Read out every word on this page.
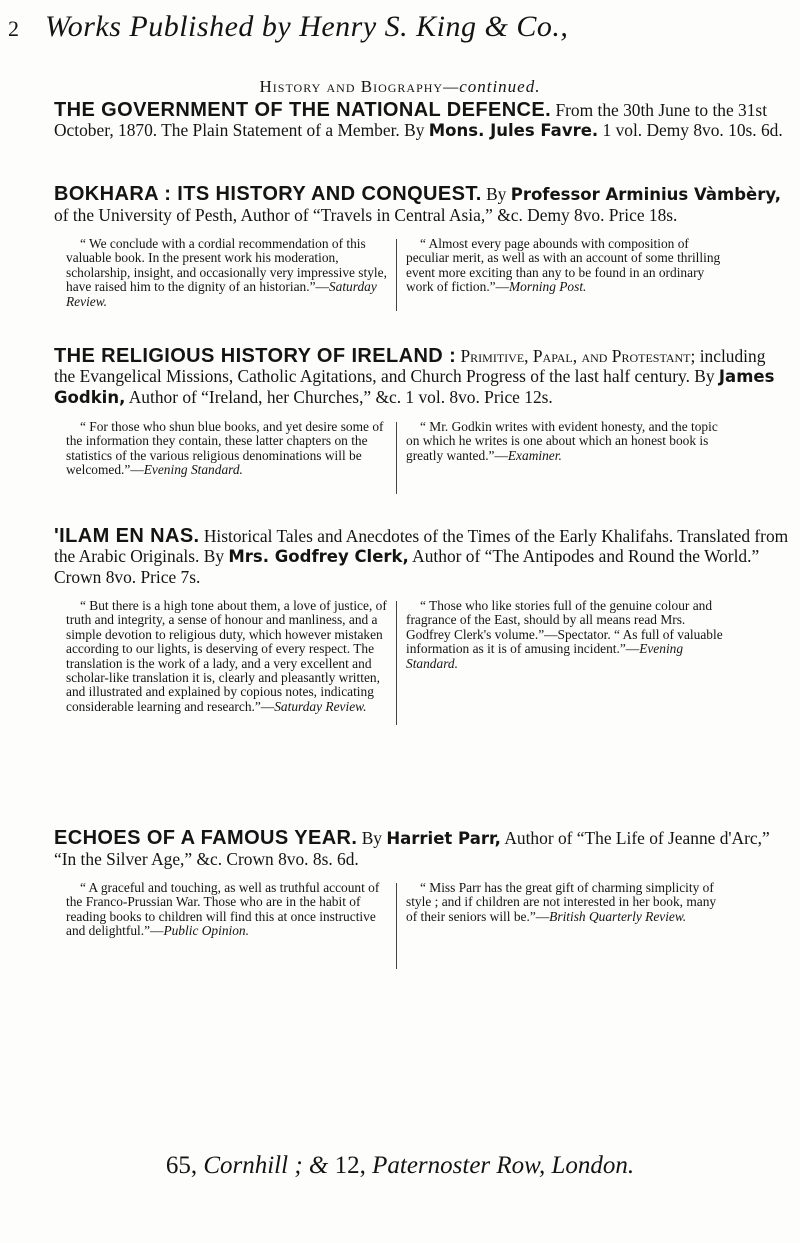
2 Works Published by Henry S. King & Co.,
History and Biography—continued.

THE GOVERNMENT OF THE NATIONAL DEFENCE. From the 30th June to the 31st October, 1870. The Plain Statement of a Member. By Mons. Jules Favre. 1 vol. Demy 8vo. 10s. 6d.

BOKHARA : ITS HISTORY AND CONQUEST. By Professor Arminius Vàmbèry, of the University of Pesth, Author of “Travels in Central Asia,” &c. Demy 8vo. Price 18s.

“ We conclude with a cordial recommendation of this valuable book. In the present work his moderation, scholarship, insight, and occasionally very impressive style, have raised him to the dignity of an historian.”—Saturday Review.

“ Almost every page abounds with composition of peculiar merit, as well as with an account of some thrilling event more exciting than any to be found in an ordinary work of fiction.”—Morning Post.

THE RELIGIOUS HISTORY OF IRELAND : Primitive, Papal, and Protestant; including the Evangelical Missions, Catholic Agitations, and Church Progress of the last half century. By James Godkin, Author of “Ireland, her Churches,” &c. 1 vol. 8vo. Price 12s.

“ For those who shun blue books, and yet desire some of the information they contain, these latter chapters on the statistics of the various religious denominations will be welcomed.”—Evening Standard.

“ Mr. Godkin writes with evident honesty, and the topic on which he writes is one about which an honest book is greatly wanted.”—Examiner.

'ILAM EN NAS. Historical Tales and Anecdotes of the Times of the Early Khalifahs. Translated from the Arabic Originals. By Mrs. Godfrey Clerk, Author of “The Antipodes and Round the World.” Crown 8vo. Price 7s.

“ But there is a high tone about them, a love of justice, of truth and integrity, a sense of honour and manliness, and a simple devotion to religious duty, which however mistaken according to our lights, is deserving of every respect. The translation is the work of a lady, and a very excellent and scholar-like translation it is, clearly and pleasantly written, and illustrated and explained by copious notes, indicating considerable learning and research.”—Saturday Review.

“ Those who like stories full of the genuine colour and fragrance of the East, should by all means read Mrs. Godfrey Clerk's volume.”—Spectator. “ As full of valuable information as it is of amusing incident.”—Evening Standard.

ECHOES OF A FAMOUS YEAR. By Harriet Parr, Author of “The Life of Jeanne d'Arc,” “In the Silver Age,” &c. Crown 8vo. 8s. 6d.

“ A graceful and touching, as well as truthful account of the Franco-Prussian War. Those who are in the habit of reading books to children will find this at once instructive and delightful.”—Public Opinion.

“ Miss Parr has the great gift of charming simplicity of style ; and if children are not interested in her book, many of their seniors will be.”—British Quarterly Review.

65, Cornhill ; & 12, Paternoster Row, London.
